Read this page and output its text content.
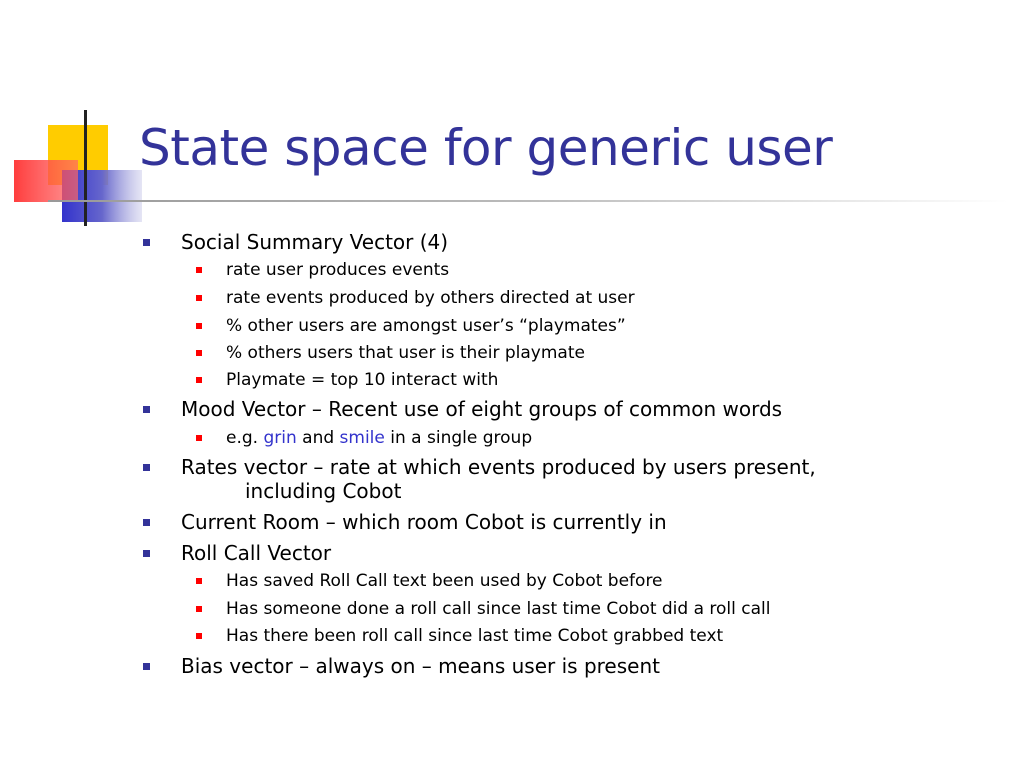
State space for generic user
Social Summary Vector (4)
rate user produces events
rate events produced by others directed at user
% other users are amongst user’s “playmates”
% others users that user is their playmate
Playmate = top 10 interact with
Mood Vector – Recent use of eight groups of common words
e.g. grin and smile in a single group
Rates vector – rate at which events produced by users present,
including Cobot
Current Room – which room Cobot is currently in
Roll Call Vector
Has saved Roll Call text been used by Cobot before
Has someone done a roll call since last time Cobot did a roll call
Has there been roll call since last time Cobot grabbed text
Bias vector – always on – means user is present
